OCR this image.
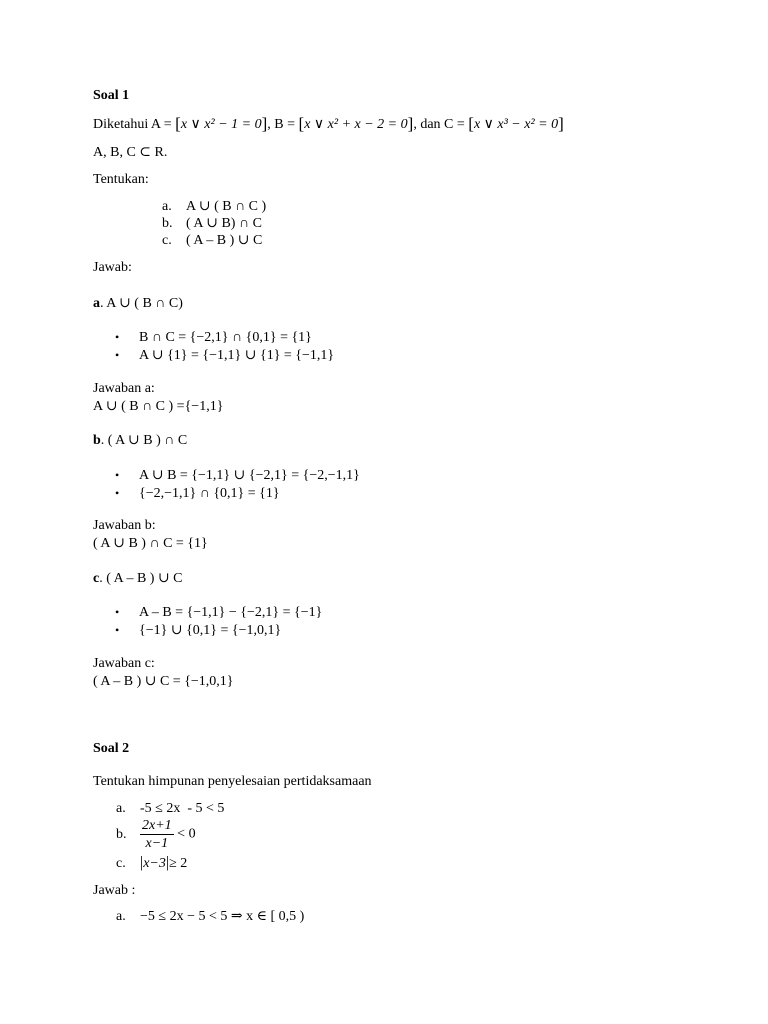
Soal 1
Diketahui A = [x ∨ x² − 1 = 0], B = [x ∨ x² + x − 2 = 0], dan C = [x ∨ x³ − x² = 0]
A, B, C ⊂ R.
Tentukan:
a. A ∪ ( B ∩ C )
b. ( A ∪ B) ∩ C
c. ( A – B ) ∪ C
Jawab:
a. A ∪ ( B ∩ C)
• B ∩ C = {−2,1} ∩ {0,1} = {1}
• A ∪ {1} = {−1,1} ∪ {1} = {−1,1}
Jawaban a:
A ∪ ( B ∩ C ) ={−1,1}
b. ( A ∪ B ) ∩ C
• A ∪ B = {−1,1} ∪ {−2,1} = {−2,−1,1}
• {−2,−1,1} ∩ {0,1} = {1}
Jawaban b:
( A ∪ B ) ∩ C = {1}
c. ( A – B ) ∪ C
• A – B = {−1,1} − {−2,1} = {−1}
• {−1} ∪ {0,1} = {−1,0,1}
Jawaban c:
( A – B ) ∪ C = {−1,0,1}
Soal 2
Tentukan himpunan penyelesaian pertidaksamaan
a. -5 ≤ 2x  - 5 < 5
b. $\frac{2x+1}{x-1} < 0$
c. |x−3|≥ 2
Jawab :
a. −5 ≤ 2x − 5 < 5 ⇒ x ∈ [ 0,5 )
